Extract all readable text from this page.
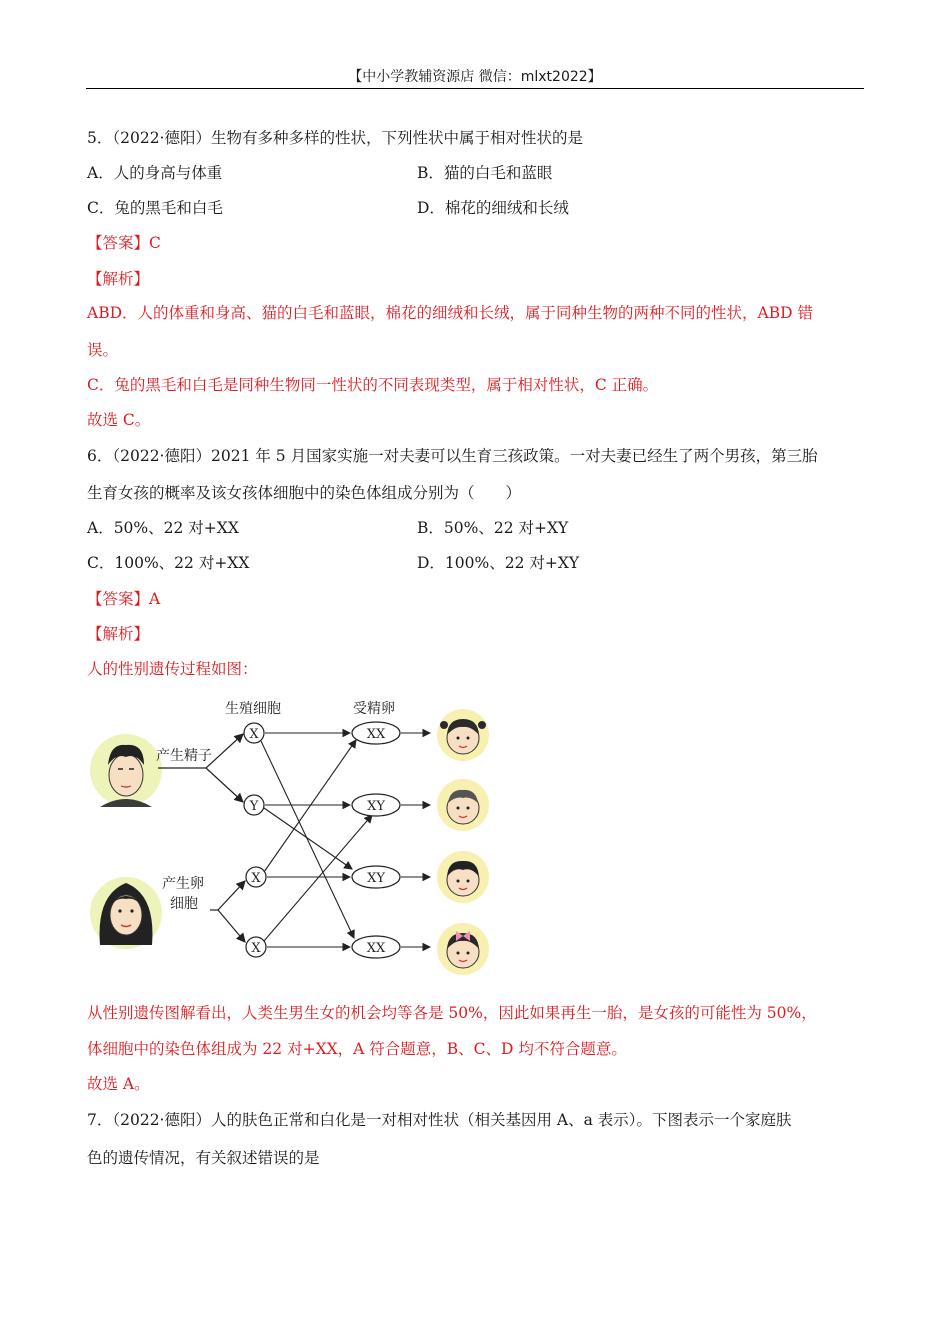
【中小学教辅资源店 微信：mlxt2022】
5．（2022·德阳）生物有多种多样的性状，下列性状中属于相对性状的是
A．人的身高与体重	B．猫的白毛和蓝眼
C．兔的黑毛和白毛	D．棉花的细绒和长绒
【答案】C
【解析】
ABD．人的体重和身高、猫的白毛和蓝眼，棉花的细绒和长绒，属于同种生物的两种不同的性状，ABD 错
误。
C．兔的黑毛和白毛是同种生物同一性状的不同表现类型，属于相对性状，C 正确。
故选 C。
6．（2022·德阳）2021 年 5 月国家实施一对夫妻可以生育三孩政策。一对夫妻已经生了两个男孩，第三胎
生育女孩的概率及该女孩体细胞中的染色体组成分别为（　　）
A．50%、22 对+XX	B．50%、22 对+XY
C．100%、22 对+XX	D．100%、22 对+XY
【答案】A
【解析】
人的性别遗传过程如图：
生殖细胞	受精卵
产生精子
产生卵
细胞
X
Y
X
X
XX
XY
XY
XX
从性别遗传图解看出，人类生男生女的机会均等各是 50%，因此如果再生一胎，是女孩的可能性为 50%，
体细胞中的染色体组成为 22 对+XX，A 符合题意，B、C、D 均不符合题意。
故选 A。
7．（2022·德阳）人的肤色正常和白化是一对相对性状（相关基因用 A、a 表示）。下图表示一个家庭肤
色的遗传情况，有关叙述错误的是
